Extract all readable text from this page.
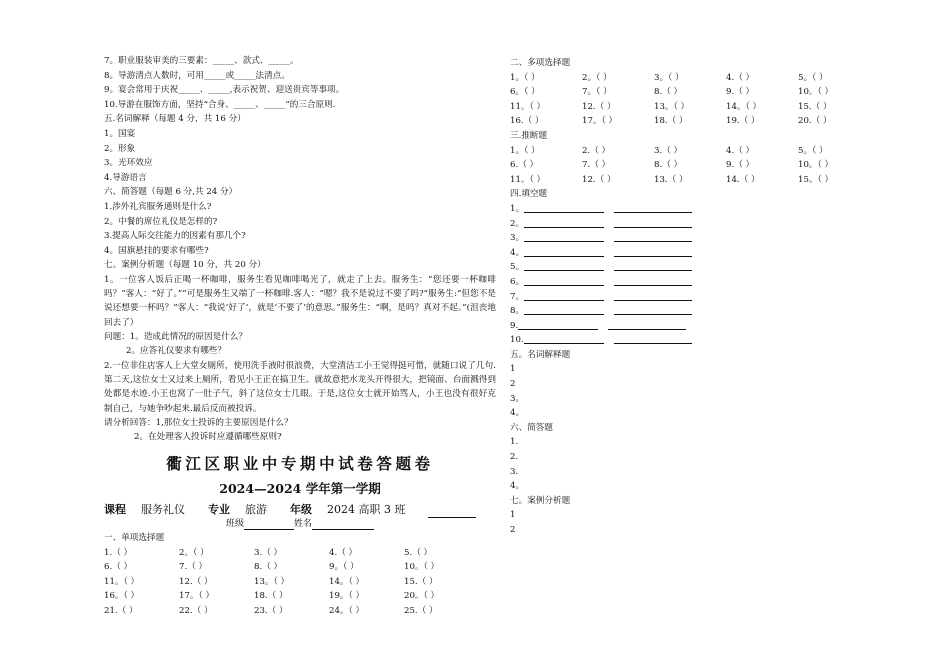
7。职业服装审美的三要素：_____、款式、_____。
8。导游清点人数时，可用_____或_____法清点。
9。宴会常用于庆祝_____、_____,表示祝贺、迎送贵宾等事项。
10.导游在服饰方面，坚持“合身、_____、_____“的三合原则.
五.名词解释（每题 4 分，共 16 分）
1。国宴
2。形象
3。光环效应
4.导游语言
六、简答题（每题 6 分,共 24 分）
1.涉外礼宾服务通则是什么?
2。中餐的席位礼仪是怎样的?
3.提高人际交往能力的因素有那几个?
4。国旗悬挂的要求有哪些?
七。案例分析题（每题 10 分，共 20 分）
1。一位客人饭后正喝一杯咖啡，服务生看见咖啡喝光了，就走了上去。服务生：“您还要一杯咖啡吗？”客人：“好了。”“可是服务生又端了一杯咖啡.客人：“嗯？我不是说过不要了吗?”服务生:“但您不是说还想要一杯吗？”客人：“我说‘好了‘，就是‘不要了’的意思。”服务生：“啊，是吗？真对不起。”(沮丧地回去了）
问题：1。造成此情况的原因是什么？
2。应答礼仪要求有哪些？
2.一位非住店客人上大堂女厕所，使用洗手液时很浪费，大堂清洁工小王觉得挺可惜，就随口说了几句.第二天,这位女士又过来上厕所，看见小王正在搞卫生。就故意把水龙头开得很大，把镜面、台面溅得到处都是水迹.小王也窝了一肚子气，斜了这位女士几眼。于是,这位女士就开始骂人，小王也没有很好克制自己，与她争吵起来.最后反而被投诉。
请分析回答：1,那位女士投诉的主要原因是什么？
2。在处理客人投诉时应遵循哪些原则?
衢江区职业中专期中试卷答题卷
2024—2024 学年第一学期
课程 服务礼仪 专业 旅游 年级 2024 高职 3 班
班级	姓名
一、单项选择题
1.（ ）	2。（ ）	3.（ ）	4.（ ）	5.（ ）
6.（ ）	7.（ ）	8.（ ）	9。（ ）	10。（ ）
11。（ ）	12.（ ）	13。（ ）	14。（ ）	15.（ ）
16。（ ）	17。（ ）	18.（ ）	19。（ ）	20。（ ）
21.（ ）	22.（ ）	23.（ ）	24。（ ）	25.（ ）
二、多项选择题
1。（ ）	2。（ ）	3。（ ）	4.（ ）	5。（ ）
6。（ ）	7。（ ）	8.（ ）	9.（ ）	10。（ ）
11。（ ）	12.（ ）	13。（ ）	14。（ ）	15.（ ）
16.（ ）	17。（ ）	18.（ ）	19.（ ）	20.（ ）
三.推断题
1。（ ）	2.（ ）	3.（ ）	4.（ ）	5。（ ）
6.（ ）	7.（ ）	8.（ ）	9.（ ）	10。（ ）
11。（ ）	12.（ ）	13.（ ）	14.（ ）	15。（ ）
四.填空题
1。
2。
3。
4。
5。
6。
7。
8。
9.
10.
五。名词解释题
1
2
3。
4。
六、简答题
1.
2.
3.
4。
七。案例分析题
1
2
